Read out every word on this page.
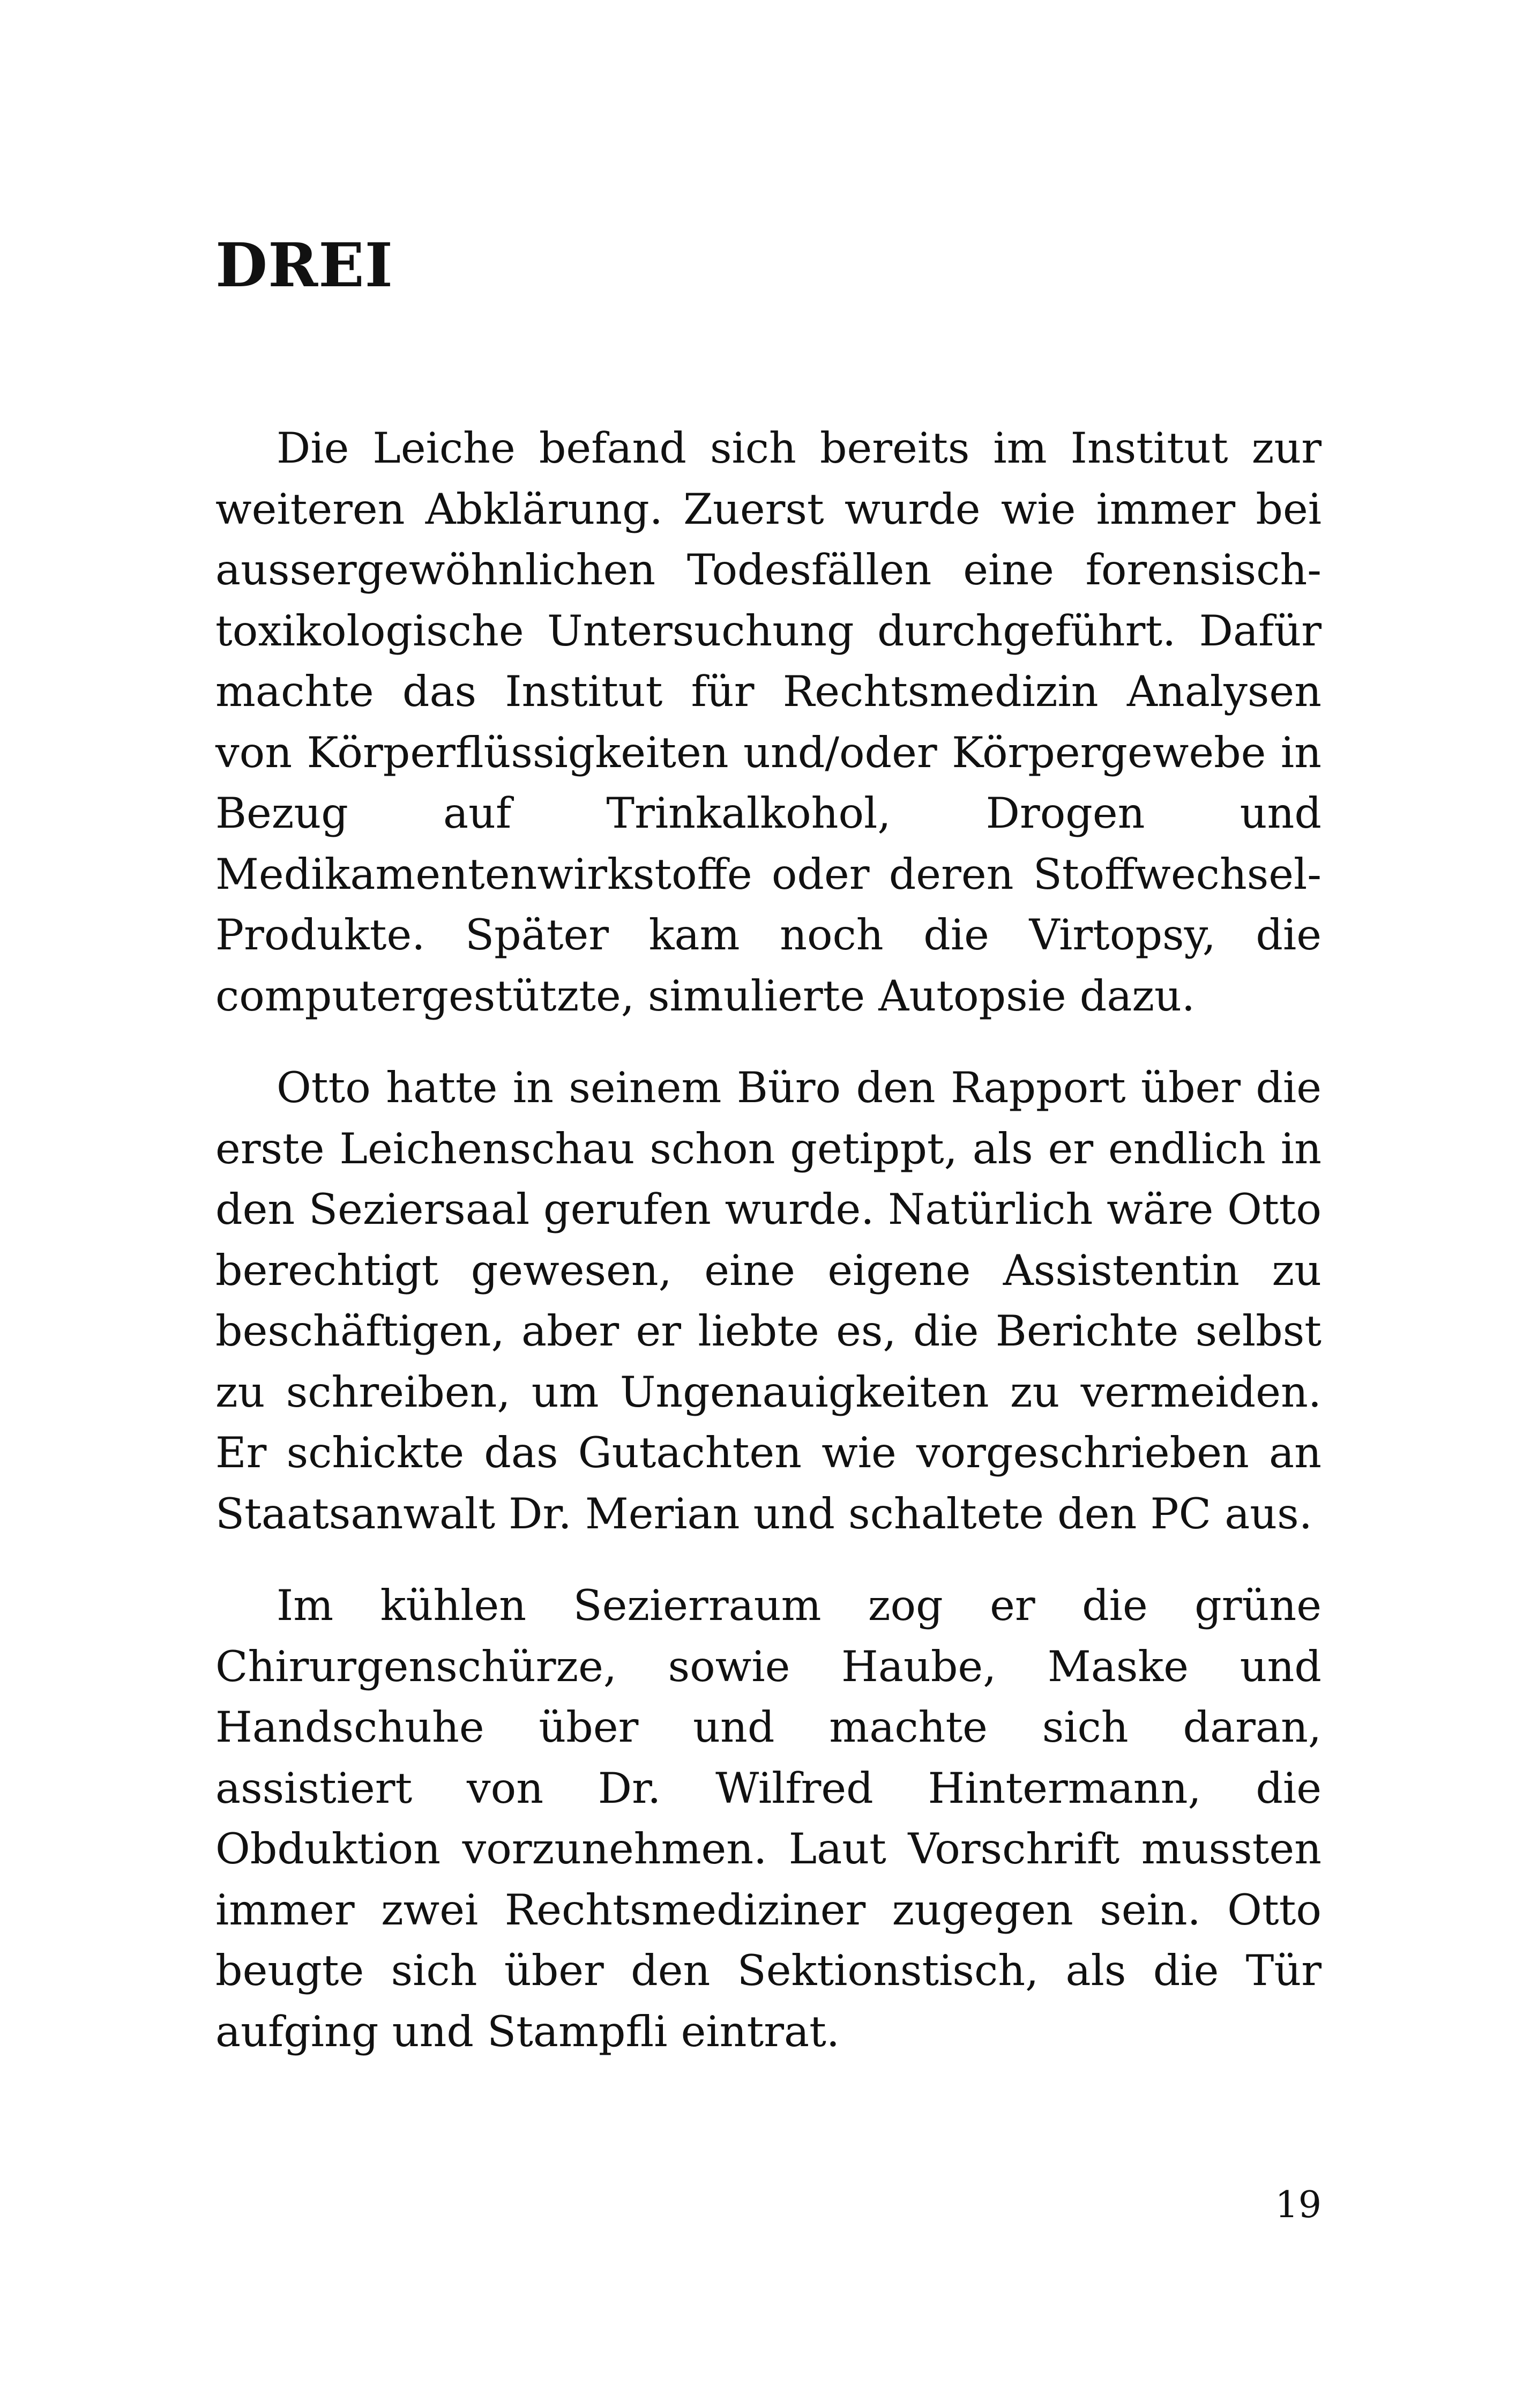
DREI

Die Leiche befand sich bereits im Institut zur weiteren Abklärung. Zuerst wurde wie immer bei aussergewöhnlichen Todesfällen eine forensisch-toxikologische Untersuchung durchgeführt. Dafür machte das Institut für Rechtsmedizin Analysen von Körperflüssigkeiten und/oder Körpergewebe in Bezug auf Trinkalkohol, Drogen und Medikamentenwirkstoffe oder deren Stoffwechsel-Produkte. Später kam noch die Virtopsy, die computergestützte, simulierte Autopsie dazu.

Otto hatte in seinem Büro den Rapport über die erste Leichenschau schon getippt, als er endlich in den Seziersaal gerufen wurde. Natürlich wäre Otto berechtigt gewesen, eine eigene Assistentin zu beschäftigen, aber er liebte es, die Berichte selbst zu schreiben, um Ungenauigkeiten zu vermeiden. Er schickte das Gutachten wie vorgeschrieben an Staatsanwalt Dr. Merian und schaltete den PC aus.

Im kühlen Sezierraum zog er die grüne Chirurgenschürze, sowie Haube, Maske und Handschuhe über und machte sich daran, assistiert von Dr. Wilfred Hintermann, die Obduktion vorzunehmen. Laut Vorschrift mussten immer zwei Rechtsmediziner zugegen sein. Otto beugte sich über den Sektionstisch, als die Tür aufging und Stampfli eintrat.

19
